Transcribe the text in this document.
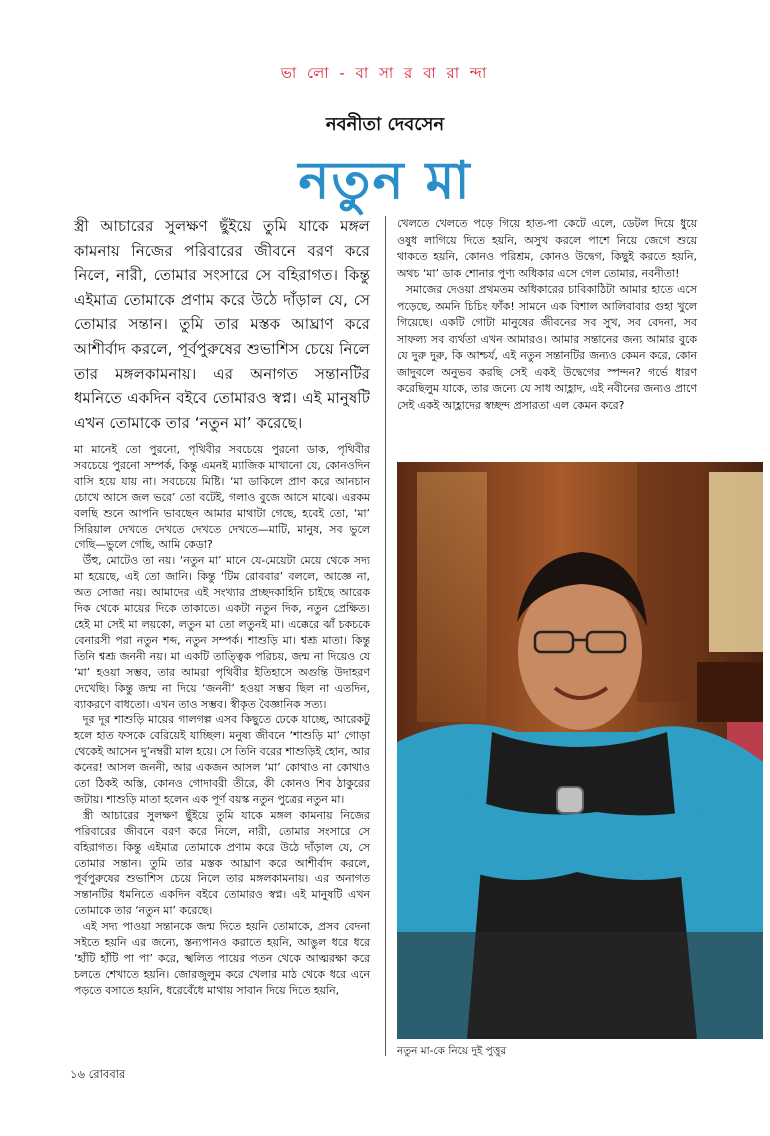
ভা লো - বা সা র বা রা ন্দা
নবনীতা দেবসেন
নতুন মা
স্ত্রী আচারের সুলক্ষণ ছুঁইয়ে তুমি যাকে মঙ্গল কামনায় নিজের পরিবারের জীবনে বরণ করে নিলে, নারী, তোমার সংসারে সে বহিরাগত। কিন্তু এইমাত্র তোমাকে প্রণাম করে উঠে দাঁড়াল যে, সে তোমার সন্তান। তুমি তার মস্তক আঘ্রাণ করে আশীর্বাদ করলে, পূর্বপুরুষের শুভাশিস চেয়ে নিলে তার মঙ্গলকামনায়। এর অনাগত সন্তানটির ধমনিতে একদিন বইবে তোমারও স্বপ্ন। এই মানুষটি এখন তোমাকে তার ‘নতুন মা’ করেছে।

মা মানেই তো পুরনো, পৃথিবীর সবচেয়ে পুরনো ডাক, পৃথিবীর সবচেয়ে পুরনো সম্পর্ক, কিন্তু এমনই ম্যাজিক মাখানো যে, কোনওদিন বাসি হয়ে যায় না। সবচেয়ে মিষ্টি। ‘মা ডাকিলে প্রাণ করে আনচান চোখে আসে জল ভরে’ তো বটেই, গলাও বুজে আসে মাঝে। এরকম বলছি শুনে আপনি ভাবছেন আমার মাথাটা গেছে, হবেই তো, ‘মা’ সিরিয়াল দেখতে দেখতে দেখতে দেখতে—মাটি, মানুষ, সব ভুলে গেছি—ভুলে গেছি, আমি কেডা?

উঁহু, মোটেও তা নয়। ‘নতুন মা’ মানে যে-মেয়েটা মেয়ে থেকে সদ্য মা হয়েছে, এই তো জানি। কিন্তু ‘টিম রোববার’ বললে, আজ্ঞে না, অত সোজা নয়। আমাদের এই সংখ্যার প্রচ্ছদকাহিনি চাইছে আরেক দিক থেকে মায়ের দিকে তাকাতে। একটা নতুন দিক, নতুন প্রেক্ষিত। হেই মা সেই মা লয়কো, লতুন মা তো লতুনই মা। এক্কেরে ঝাঁ চকচকে বেনারসী পরা নতুন শব্দ, নতুন সম্পর্ক। শাশুড়ি মা। শ্বশ্রূ মাতা। কিন্তু তিনি শ্বশ্রূ জননী নয়। মা একটি তাত্ত্বিক পরিচয়, জন্ম না দিয়েও যে ‘মা’ হওয়া সম্ভব, তার আমরা পৃথিবীর ইতিহাসে অগুন্তি উদাহরণ দেখেছি। কিন্তু জন্ম না দিয়ে ‘জননী’ হওয়া সম্ভব ছিল না এতদিন, ব্যাকরণে বাধতো। এখন তাও সম্ভব। স্বীকৃত বৈজ্ঞানিক সত্য।

দূর দূর শাশুড়ি মায়ের গালগল্প এসব কিছুতে ঢেকে যাচ্ছে, আরেকটু হলে হাত ফসকে বেরিয়েই যাচ্ছিল। মনুষ্য জীবনে ‘শাশুড়ি মা’ গোড়া থেকেই আসেন দু’নম্বরী মাল হয়ে। সে তিনি বরের শাশুড়িই হোন, আর কনের! আসল জননী, আর একজন আসল ‘মা’ কোথাও না কোথাও তো ঠিকই অস্তি, কোনও গোদাবরী তীরে, কী কোনও শিব ঠাকুরের জটায়। শাশুড়ি মাতা হলেন এক পূর্ণ বয়স্ক নতুন পুত্রের নতুন মা।

স্ত্রী আচারের সুলক্ষণ ছুঁইয়ে তুমি যাকে মঙ্গল কামনায় নিজের পরিবারের জীবনে বরণ করে নিলে, নারী, তোমার সংসারে সে বহিরাগত। কিন্তু এইমাত্র তোমাকে প্রণাম করে উঠে দাঁড়াল যে, সে তোমার সন্তান। তুমি তার মস্তক আঘ্রাণ করে আশীর্বাদ করলে, পূর্বপুরুষের শুভাশিস চেয়ে নিলে তার মঙ্গলকামনায়। এর অনাগত সন্তানটির ধমনিতে একদিন বইবে তোমারও স্বপ্ন। এই মানুষটি এখন তোমাকে তার ‘নতুন মা’ করেছে।

এই সদ্য পাওয়া সন্তানকে জন্ম দিতে হয়নি তোমাকে, প্রসব বেদনা সইতে হয়নি এর জন্যে, স্তন্যপানও করাতে হয়নি, আঙুল ধরে ধরে ‘হাঁটি হাঁটি পা পা’ করে, স্খলিত পায়ের পতন থেকে আত্মরক্ষা করে চলতে শেখাতে হয়নি। জোরজুলুম করে খেলার মাঠ থেকে ধরে এনে পড়তে বসাতে হয়নি, ধরেবেঁধে মাথায় সাবান দিয়ে দিতে হয়নি,

খেলতে খেলতে পড়ে গিয়ে হাত-পা কেটে এলে, ডেটল দিয়ে ধুয়ে ওষুধ লাগিয়ে দিতে হয়নি, অসুখ করলে পাশে নিয়ে জেগে শুয়ে থাকতে হয়নি, কোনও পরিশ্রম, কোনও উদ্বেগ, কিছুই করতে হয়নি, অথচ ‘মা’ ডাক শোনার পুণ্য অধিকার এসে গেল তোমার, নবনীতা!

সমাজের দেওয়া প্রথমতম অধিকারের চাবিকাঠিটা আমার হাতে এসে পড়েছে, অমনি চিচিং ফাঁক! সামনে এক বিশাল আলিবাবার গুহা খুলে গিয়েছে। একটি গোটা মানুষের জীবনের সব সুখ, সব বেদনা, সব সাফল্য সব ব্যর্থতা এখন আমারও। আমার সন্তানের জন্য আমার বুকে যে দুরু দুরু, কি আশ্চর্য, এই নতুন সন্তানটির জন্যও কেমন করে, কোন জাদুবলে অনুভব করছি সেই একই উদ্বেগের স্পন্দন? গর্ভে ধারণ করেছিলুম যাকে, তার জন্যে যে সাধ আহ্লাদ, এই নবীনের জন্যও প্রাণে সেই একই আহ্লাদের স্বচ্ছন্দ প্রসারতা এল কেমন করে?

নতুন মা-কে নিয়ে দুই পুত্তুর
১৬ রোববার
